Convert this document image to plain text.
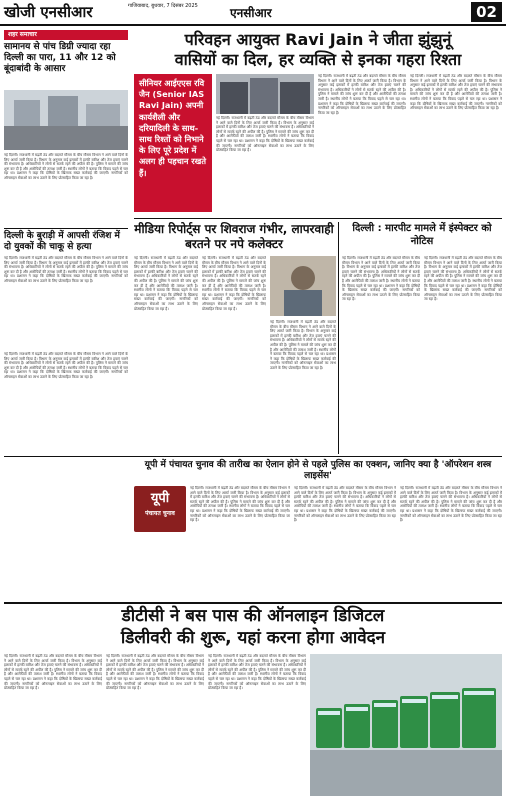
खोजी एनसीआर	गाजियाबाद, बुधवार, 7 दिसंबर 2025	एनसीआर	02
शहर समाचार
सामानय से पांच डिग्री ज्यादा रहा दिल्ली का पारा, 11 और 12 को बूंदाबांदी के आसार
नई दिल्ली। राजधानी में बढ़ती ठंड और बदलते मौसम के बीच मौसम विभाग ने आने वाले दिनों के लिए अलर्ट जारी किया है। विभाग के अनुसार कई इलाकों में हल्की बारिश और तेज हवाएं चलने की संभावना है। अधिकारियों ने लोगों से सतर्क रहने की अपील की है। पुलिस ने मामले की जांच शुरू कर दी है और आरोपियों की तलाश जारी है। स्थानीय लोगों ने बताया कि विवाद पहले से चल रहा था। प्रशासन ने कहा कि दोषियों के खिलाफ सख्त कार्रवाई की जाएगी। नागरिकों को ऑनलाइन सेवाओं का लाभ उठाने के लिए प्रोत्साहित किया जा रहा है।
दिल्ली के बुराड़ी में आपसी रंजिश में दो युवकों की चाकू से हत्या
नई दिल्ली। राजधानी में बढ़ती ठंड और बदलते मौसम के बीच मौसम विभाग ने आने वाले दिनों के लिए अलर्ट जारी किया है। विभाग के अनुसार कई इलाकों में हल्की बारिश और तेज हवाएं चलने की संभावना है। अधिकारियों ने लोगों से सतर्क रहने की अपील की है। पुलिस ने मामले की जांच शुरू कर दी है और आरोपियों की तलाश जारी है। स्थानीय लोगों ने बताया कि विवाद पहले से चल रहा था। प्रशासन ने कहा कि दोषियों के खिलाफ सख्त कार्रवाई की जाएगी। नागरिकों को ऑनलाइन सेवाओं का लाभ उठाने के लिए प्रोत्साहित किया जा रहा है।
नई दिल्ली। राजधानी में बढ़ती ठंड और बदलते मौसम के बीच मौसम विभाग ने आने वाले दिनों के लिए अलर्ट जारी किया है। विभाग के अनुसार कई इलाकों में हल्की बारिश और तेज हवाएं चलने की संभावना है। अधिकारियों ने लोगों से सतर्क रहने की अपील की है। पुलिस ने मामले की जांच शुरू कर दी है और आरोपियों की तलाश जारी है। स्थानीय लोगों ने बताया कि विवाद पहले से चल रहा था। प्रशासन ने कहा कि दोषियों के खिलाफ सख्त कार्रवाई की जाएगी। नागरिकों को ऑनलाइन सेवाओं का लाभ उठाने के लिए प्रोत्साहित किया जा रहा है।
परिवहन आयुक्त Ravi Jain ने जीता झुंझुनूं
वासियों का दिल, हर व्यक्ति से इनका गहरा रिश्ता
सीनियर आईएएस रवि जैन (Senior IAS Ravi Jain) अपनी कार्यशैली और दरियादिली के साथ-साथ रिश्तों को निभाने के लिए पूरे प्रदेश में अलग ही पहचान रखते हैं।
नई दिल्ली। राजधानी में बढ़ती ठंड और बदलते मौसम के बीच मौसम विभाग ने आने वाले दिनों के लिए अलर्ट जारी किया है। विभाग के अनुसार कई इलाकों में हल्की बारिश और तेज हवाएं चलने की संभावना है। अधिकारियों ने लोगों से सतर्क रहने की अपील की है। पुलिस ने मामले की जांच शुरू कर दी है और आरोपियों की तलाश जारी है। स्थानीय लोगों ने बताया कि विवाद पहले से चल रहा था। प्रशासन ने कहा कि दोषियों के खिलाफ सख्त कार्रवाई की जाएगी। नागरिकों को ऑनलाइन सेवाओं का लाभ उठाने के लिए प्रोत्साहित किया जा रहा है।
नई दिल्ली। राजधानी में बढ़ती ठंड और बदलते मौसम के बीच मौसम विभाग ने आने वाले दिनों के लिए अलर्ट जारी किया है। विभाग के अनुसार कई इलाकों में हल्की बारिश और तेज हवाएं चलने की संभावना है। अधिकारियों ने लोगों से सतर्क रहने की अपील की है। पुलिस ने मामले की जांच शुरू कर दी है और आरोपियों की तलाश जारी है। स्थानीय लोगों ने बताया कि विवाद पहले से चल रहा था। प्रशासन ने कहा कि दोषियों के खिलाफ सख्त कार्रवाई की जाएगी। नागरिकों को ऑनलाइन सेवाओं का लाभ उठाने के लिए प्रोत्साहित किया जा रहा है।
नई दिल्ली। राजधानी में बढ़ती ठंड और बदलते मौसम के बीच मौसम विभाग ने आने वाले दिनों के लिए अलर्ट जारी किया है। विभाग के अनुसार कई इलाकों में हल्की बारिश और तेज हवाएं चलने की संभावना है। अधिकारियों ने लोगों से सतर्क रहने की अपील की है। पुलिस ने मामले की जांच शुरू कर दी है और आरोपियों की तलाश जारी है। स्थानीय लोगों ने बताया कि विवाद पहले से चल रहा था। प्रशासन ने कहा कि दोषियों के खिलाफ सख्त कार्रवाई की जाएगी। नागरिकों को ऑनलाइन सेवाओं का लाभ उठाने के लिए प्रोत्साहित किया जा रहा है।
मीडिया रिपोर्ट्स पर शिवराज गंभीर, लापरवाही बरतने पर नपे कलेक्टर
नई दिल्ली। राजधानी में बढ़ती ठंड और बदलते मौसम के बीच मौसम विभाग ने आने वाले दिनों के लिए अलर्ट जारी किया है। विभाग के अनुसार कई इलाकों में हल्की बारिश और तेज हवाएं चलने की संभावना है। अधिकारियों ने लोगों से सतर्क रहने की अपील की है। पुलिस ने मामले की जांच शुरू कर दी है और आरोपियों की तलाश जारी है। स्थानीय लोगों ने बताया कि विवाद पहले से चल रहा था। प्रशासन ने कहा कि दोषियों के खिलाफ सख्त कार्रवाई की जाएगी। नागरिकों को ऑनलाइन सेवाओं का लाभ उठाने के लिए प्रोत्साहित किया जा रहा है।
नई दिल्ली। राजधानी में बढ़ती ठंड और बदलते मौसम के बीच मौसम विभाग ने आने वाले दिनों के लिए अलर्ट जारी किया है। विभाग के अनुसार कई इलाकों में हल्की बारिश और तेज हवाएं चलने की संभावना है। अधिकारियों ने लोगों से सतर्क रहने की अपील की है। पुलिस ने मामले की जांच शुरू कर दी है और आरोपियों की तलाश जारी है। स्थानीय लोगों ने बताया कि विवाद पहले से चल रहा था। प्रशासन ने कहा कि दोषियों के खिलाफ सख्त कार्रवाई की जाएगी। नागरिकों को ऑनलाइन सेवाओं का लाभ उठाने के लिए प्रोत्साहित किया जा रहा है।
नई दिल्ली। राजधानी में बढ़ती ठंड और बदलते मौसम के बीच मौसम विभाग ने आने वाले दिनों के लिए अलर्ट जारी किया है। विभाग के अनुसार कई इलाकों में हल्की बारिश और तेज हवाएं चलने की संभावना है। अधिकारियों ने लोगों से सतर्क रहने की अपील की है। पुलिस ने मामले की जांच शुरू कर दी है और आरोपियों की तलाश जारी है। स्थानीय लोगों ने बताया कि विवाद पहले से चल रहा था। प्रशासन ने कहा कि दोषियों के खिलाफ सख्त कार्रवाई की जाएगी। नागरिकों को ऑनलाइन सेवाओं का लाभ उठाने के लिए प्रोत्साहित किया जा रहा है।
दिल्ली : मारपीट मामले में इंस्पेक्टर को नोटिस
नई दिल्ली। राजधानी में बढ़ती ठंड और बदलते मौसम के बीच मौसम विभाग ने आने वाले दिनों के लिए अलर्ट जारी किया है। विभाग के अनुसार कई इलाकों में हल्की बारिश और तेज हवाएं चलने की संभावना है। अधिकारियों ने लोगों से सतर्क रहने की अपील की है। पुलिस ने मामले की जांच शुरू कर दी है और आरोपियों की तलाश जारी है। स्थानीय लोगों ने बताया कि विवाद पहले से चल रहा था। प्रशासन ने कहा कि दोषियों के खिलाफ सख्त कार्रवाई की जाएगी। नागरिकों को ऑनलाइन सेवाओं का लाभ उठाने के लिए प्रोत्साहित किया जा रहा है।
नई दिल्ली। राजधानी में बढ़ती ठंड और बदलते मौसम के बीच मौसम विभाग ने आने वाले दिनों के लिए अलर्ट जारी किया है। विभाग के अनुसार कई इलाकों में हल्की बारिश और तेज हवाएं चलने की संभावना है। अधिकारियों ने लोगों से सतर्क रहने की अपील की है। पुलिस ने मामले की जांच शुरू कर दी है और आरोपियों की तलाश जारी है। स्थानीय लोगों ने बताया कि विवाद पहले से चल रहा था। प्रशासन ने कहा कि दोषियों के खिलाफ सख्त कार्रवाई की जाएगी। नागरिकों को ऑनलाइन सेवाओं का लाभ उठाने के लिए प्रोत्साहित किया जा रहा है।
यूपी में पंचायत चुनाव की तारीख का ऐलान होने से पहले पुलिस का एक्शन, जानिए क्या है 'ऑपरेशन शस्त्र लाइसेंस'
यूपी
पंचायत चुनाव
नई दिल्ली। राजधानी में बढ़ती ठंड और बदलते मौसम के बीच मौसम विभाग ने आने वाले दिनों के लिए अलर्ट जारी किया है। विभाग के अनुसार कई इलाकों में हल्की बारिश और तेज हवाएं चलने की संभावना है। अधिकारियों ने लोगों से सतर्क रहने की अपील की है। पुलिस ने मामले की जांच शुरू कर दी है और आरोपियों की तलाश जारी है। स्थानीय लोगों ने बताया कि विवाद पहले से चल रहा था। प्रशासन ने कहा कि दोषियों के खिलाफ सख्त कार्रवाई की जाएगी। नागरिकों को ऑनलाइन सेवाओं का लाभ उठाने के लिए प्रोत्साहित किया जा रहा है।
नई दिल्ली। राजधानी में बढ़ती ठंड और बदलते मौसम के बीच मौसम विभाग ने आने वाले दिनों के लिए अलर्ट जारी किया है। विभाग के अनुसार कई इलाकों में हल्की बारिश और तेज हवाएं चलने की संभावना है। अधिकारियों ने लोगों से सतर्क रहने की अपील की है। पुलिस ने मामले की जांच शुरू कर दी है और आरोपियों की तलाश जारी है। स्थानीय लोगों ने बताया कि विवाद पहले से चल रहा था। प्रशासन ने कहा कि दोषियों के खिलाफ सख्त कार्रवाई की जाएगी। नागरिकों को ऑनलाइन सेवाओं का लाभ उठाने के लिए प्रोत्साहित किया जा रहा है।
नई दिल्ली। राजधानी में बढ़ती ठंड और बदलते मौसम के बीच मौसम विभाग ने आने वाले दिनों के लिए अलर्ट जारी किया है। विभाग के अनुसार कई इलाकों में हल्की बारिश और तेज हवाएं चलने की संभावना है। अधिकारियों ने लोगों से सतर्क रहने की अपील की है। पुलिस ने मामले की जांच शुरू कर दी है और आरोपियों की तलाश जारी है। स्थानीय लोगों ने बताया कि विवाद पहले से चल रहा था। प्रशासन ने कहा कि दोषियों के खिलाफ सख्त कार्रवाई की जाएगी। नागरिकों को ऑनलाइन सेवाओं का लाभ उठाने के लिए प्रोत्साहित किया जा रहा है।
डीटीसी ने बस पास की ऑनलाइन डिजिटल
डिलीवरी की शुरू, यहां करना होगा आवेदन
नई दिल्ली। राजधानी में बढ़ती ठंड और बदलते मौसम के बीच मौसम विभाग ने आने वाले दिनों के लिए अलर्ट जारी किया है। विभाग के अनुसार कई इलाकों में हल्की बारिश और तेज हवाएं चलने की संभावना है। अधिकारियों ने लोगों से सतर्क रहने की अपील की है। पुलिस ने मामले की जांच शुरू कर दी है और आरोपियों की तलाश जारी है। स्थानीय लोगों ने बताया कि विवाद पहले से चल रहा था। प्रशासन ने कहा कि दोषियों के खिलाफ सख्त कार्रवाई की जाएगी। नागरिकों को ऑनलाइन सेवाओं का लाभ उठाने के लिए प्रोत्साहित किया जा रहा है।
नई दिल्ली। राजधानी में बढ़ती ठंड और बदलते मौसम के बीच मौसम विभाग ने आने वाले दिनों के लिए अलर्ट जारी किया है। विभाग के अनुसार कई इलाकों में हल्की बारिश और तेज हवाएं चलने की संभावना है। अधिकारियों ने लोगों से सतर्क रहने की अपील की है। पुलिस ने मामले की जांच शुरू कर दी है और आरोपियों की तलाश जारी है। स्थानीय लोगों ने बताया कि विवाद पहले से चल रहा था। प्रशासन ने कहा कि दोषियों के खिलाफ सख्त कार्रवाई की जाएगी। नागरिकों को ऑनलाइन सेवाओं का लाभ उठाने के लिए प्रोत्साहित किया जा रहा है।
नई दिल्ली। राजधानी में बढ़ती ठंड और बदलते मौसम के बीच मौसम विभाग ने आने वाले दिनों के लिए अलर्ट जारी किया है। विभाग के अनुसार कई इलाकों में हल्की बारिश और तेज हवाएं चलने की संभावना है। अधिकारियों ने लोगों से सतर्क रहने की अपील की है। पुलिस ने मामले की जांच शुरू कर दी है और आरोपियों की तलाश जारी है। स्थानीय लोगों ने बताया कि विवाद पहले से चल रहा था। प्रशासन ने कहा कि दोषियों के खिलाफ सख्त कार्रवाई की जाएगी। नागरिकों को ऑनलाइन सेवाओं का लाभ उठाने के लिए प्रोत्साहित किया जा रहा है।
